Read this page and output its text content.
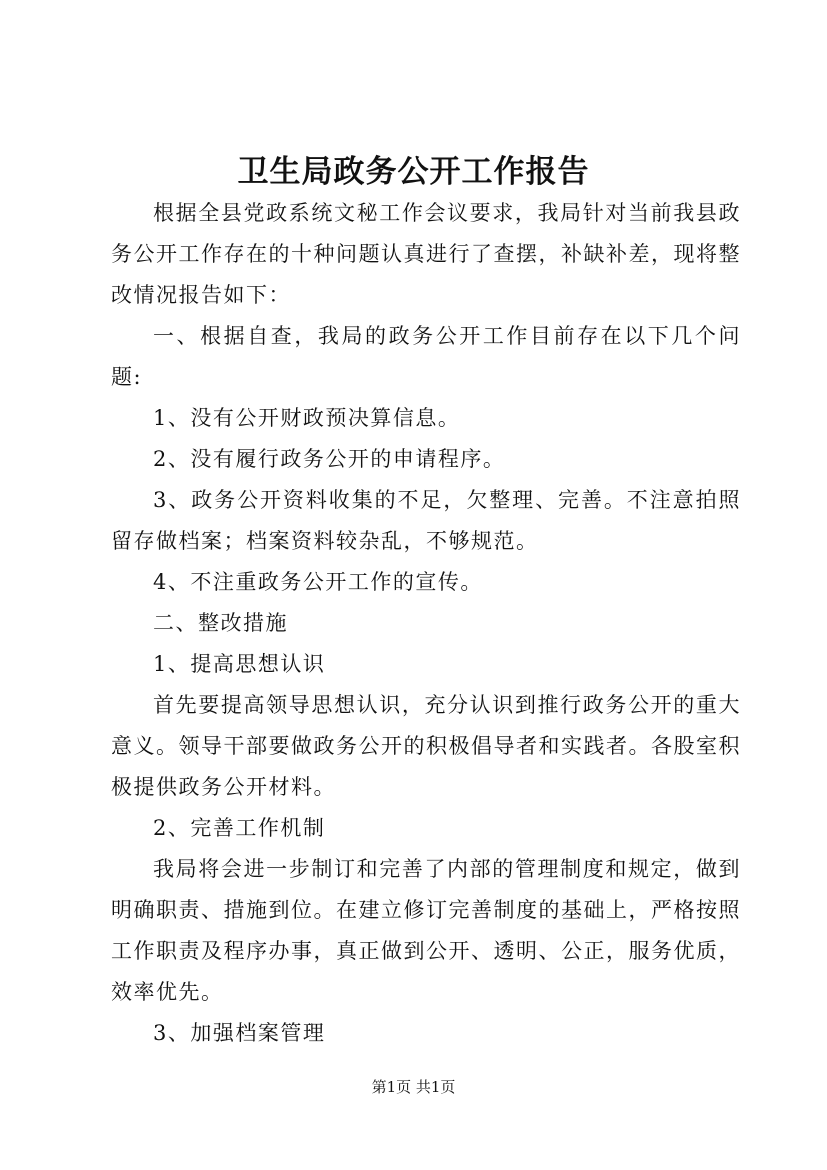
卫生局政务公开工作报告

根据全县党政系统文秘工作会议要求，我局针对当前我县政务公开工作存在的十种问题认真进行了查摆，补缺补差，现将整改情况报告如下：

一、根据自查，我局的政务公开工作目前存在以下几个问题:

1、没有公开财政预决算信息。

2、没有履行政务公开的申请程序。

3、政务公开资料收集的不足，欠整理、完善。不注意拍照留存做档案；档案资料较杂乱，不够规范。

4、不注重政务公开工作的宣传。

二、整改措施

1、提高思想认识

首先要提高领导思想认识，充分认识到推行政务公开的重大意义。领导干部要做政务公开的积极倡导者和实践者。各股室积极提供政务公开材料。

2、完善工作机制

我局将会进一步制订和完善了内部的管理制度和规定，做到明确职责、措施到位。在建立修订完善制度的基础上，严格按照工作职责及程序办事，真正做到公开、透明、公正，服务优质，效率优先。

3、加强档案管理

第1页 共1页
